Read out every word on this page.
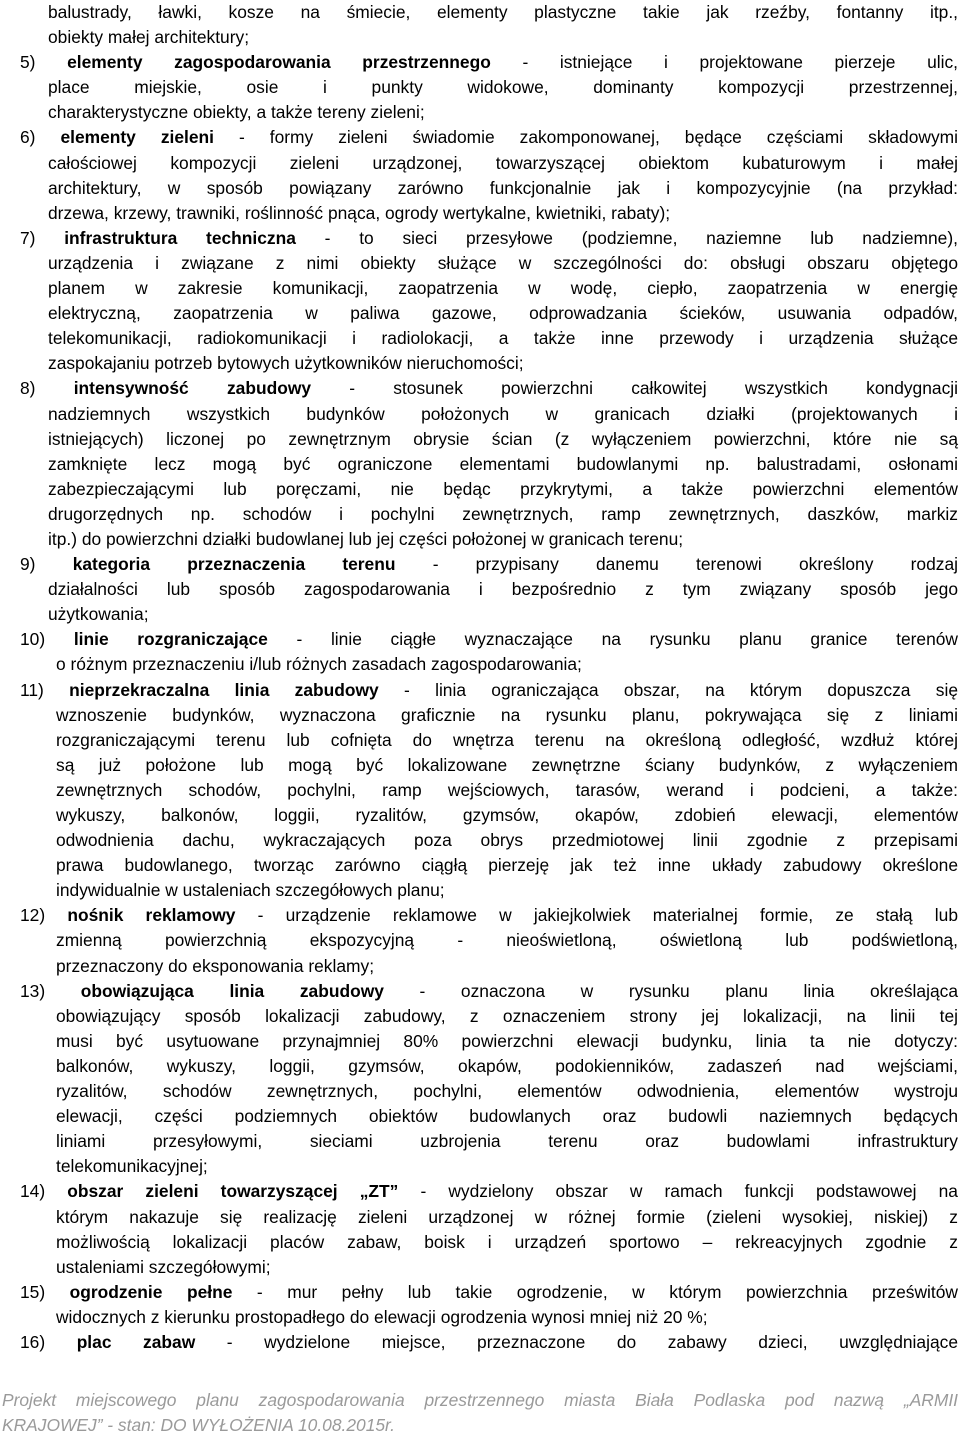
balustrady, ławki, kosze na śmiecie, elementy plastyczne takie jak rzeźby, fontanny itp.,
obiekty małej architektury;
5) elementy zagospodarowania przestrzennego - istniejące i projektowane pierzeje ulic,
place miejskie, osie i punkty widokowe, dominanty kompozycji przestrzennej,
charakterystyczne obiekty, a także tereny zieleni;
6) elementy zieleni - formy zieleni świadomie zakomponowanej, będące częściami składowymi
całościowej kompozycji zieleni urządzonej, towarzyszącej obiektom kubaturowym i małej
architektury, w sposób powiązany zarówno funkcjonalnie jak i kompozycyjnie (na przykład:
drzewa, krzewy, trawniki, roślinność pnąca, ogrody wertykalne, kwietniki, rabaty);
7) infrastruktura techniczna - to sieci przesyłowe (podziemne, naziemne lub nadziemne),
urządzenia i związane z nimi obiekty służące w szczególności do: obsługi obszaru objętego
planem w zakresie komunikacji, zaopatrzenia w wodę, ciepło, zaopatrzenia w energię
elektryczną, zaopatrzenia w paliwa gazowe, odprowadzania ścieków, usuwania odpadów,
telekomunikacji, radiokomunikacji i radiolokacji, a także inne przewody i urządzenia służące
zaspokajaniu potrzeb bytowych użytkowników nieruchomości;
8) intensywność zabudowy - stosunek powierzchni całkowitej wszystkich kondygnacji
nadziemnych wszystkich budynków położonych w granicach działki (projektowanych i
istniejących) liczonej po zewnętrznym obrysie ścian (z wyłączeniem powierzchni, które nie są
zamknięte lecz mogą być ograniczone elementami budowlanymi np. balustradami, osłonami
zabezpieczającymi lub poręczami, nie będąc przykrytymi, a także powierzchni elementów
drugorzędnych np. schodów i pochylni zewnętrznych, ramp zewnętrznych, daszków, markiz
itp.) do powierzchni działki budowlanej lub jej części położonej w granicach terenu;
9) kategoria przeznaczenia terenu - przypisany danemu terenowi określony rodzaj
działalności lub sposób zagospodarowania i bezpośrednio z tym związany sposób jego
użytkowania;
10) linie rozgraniczające - linie ciągłe wyznaczające na rysunku planu granice terenów
o różnym przeznaczeniu i/lub różnych zasadach zagospodarowania;
11) nieprzekraczalna linia zabudowy - linia ograniczająca obszar, na którym dopuszcza się
wznoszenie budynków, wyznaczona graficznie na rysunku planu, pokrywająca się z liniami
rozgraniczającymi terenu lub cofnięta do wnętrza terenu na określoną odległość, wzdłuż której
są już położone lub mogą być lokalizowane zewnętrzne ściany budynków, z wyłączeniem
zewnętrznych schodów, pochylni, ramp wejściowych, tarasów, werand i podcieni, a także:
wykuszy, balkonów, loggii, ryzalitów, gzymsów, okapów, zdobień elewacji, elementów
odwodnienia dachu, wykraczających poza obrys przedmiotowej linii zgodnie z przepisami
prawa budowlanego, tworząc zarówno ciągłą pierzeję jak też inne układy zabudowy określone
indywidualnie w ustaleniach szczegółowych planu;
12) nośnik reklamowy - urządzenie reklamowe w jakiejkolwiek materialnej formie, ze stałą lub
zmienną powierzchnią ekspozycyjną - nieoświetloną, oświetloną lub podświetloną,
przeznaczony do eksponowania reklamy;
13) obowiązująca linia zabudowy - oznaczona w rysunku planu linia określająca
obowiązujący sposób lokalizacji zabudowy, z oznaczeniem strony jej lokalizacji, na linii tej
musi być usytuowane przynajmniej 80% powierzchni elewacji budynku, linia ta nie dotyczy:
balkonów, wykuszy, loggii, gzymsów, okapów, podokienników, zadaszeń nad wejściami,
ryzalitów, schodów zewnętrznych, pochylni, elementów odwodnienia, elementów wystroju
elewacji, części podziemnych obiektów budowlanych oraz budowli naziemnych będących
liniami przesyłowymi, sieciami uzbrojenia terenu oraz budowlami infrastruktury
telekomunikacyjnej;
14) obszar zieleni towarzyszącej „ZT” - wydzielony obszar w ramach funkcji podstawowej na
którym nakazuje się realizację zieleni urządzonej w różnej formie (zieleni wysokiej, niskiej) z
możliwością lokalizacji placów zabaw, boisk i urządzeń sportowo – rekreacyjnych zgodnie z
ustaleniami szczegółowymi;
15) ogrodzenie pełne - mur pełny lub takie ogrodzenie, w którym powierzchnia prześwitów
widocznych z kierunku prostopadłego do elewacji ogrodzenia wynosi mniej niż 20 %;
16) plac zabaw - wydzielone miejsce, przeznaczone do zabawy dzieci, uwzględniające
Projekt miejscowego planu zagospodarowania przestrzennego miasta Biała Podlaska pod nazwą „ARMII
KRAJOWEJ” - stan: DO WYŁOŻENIA 10.08.2015r.
